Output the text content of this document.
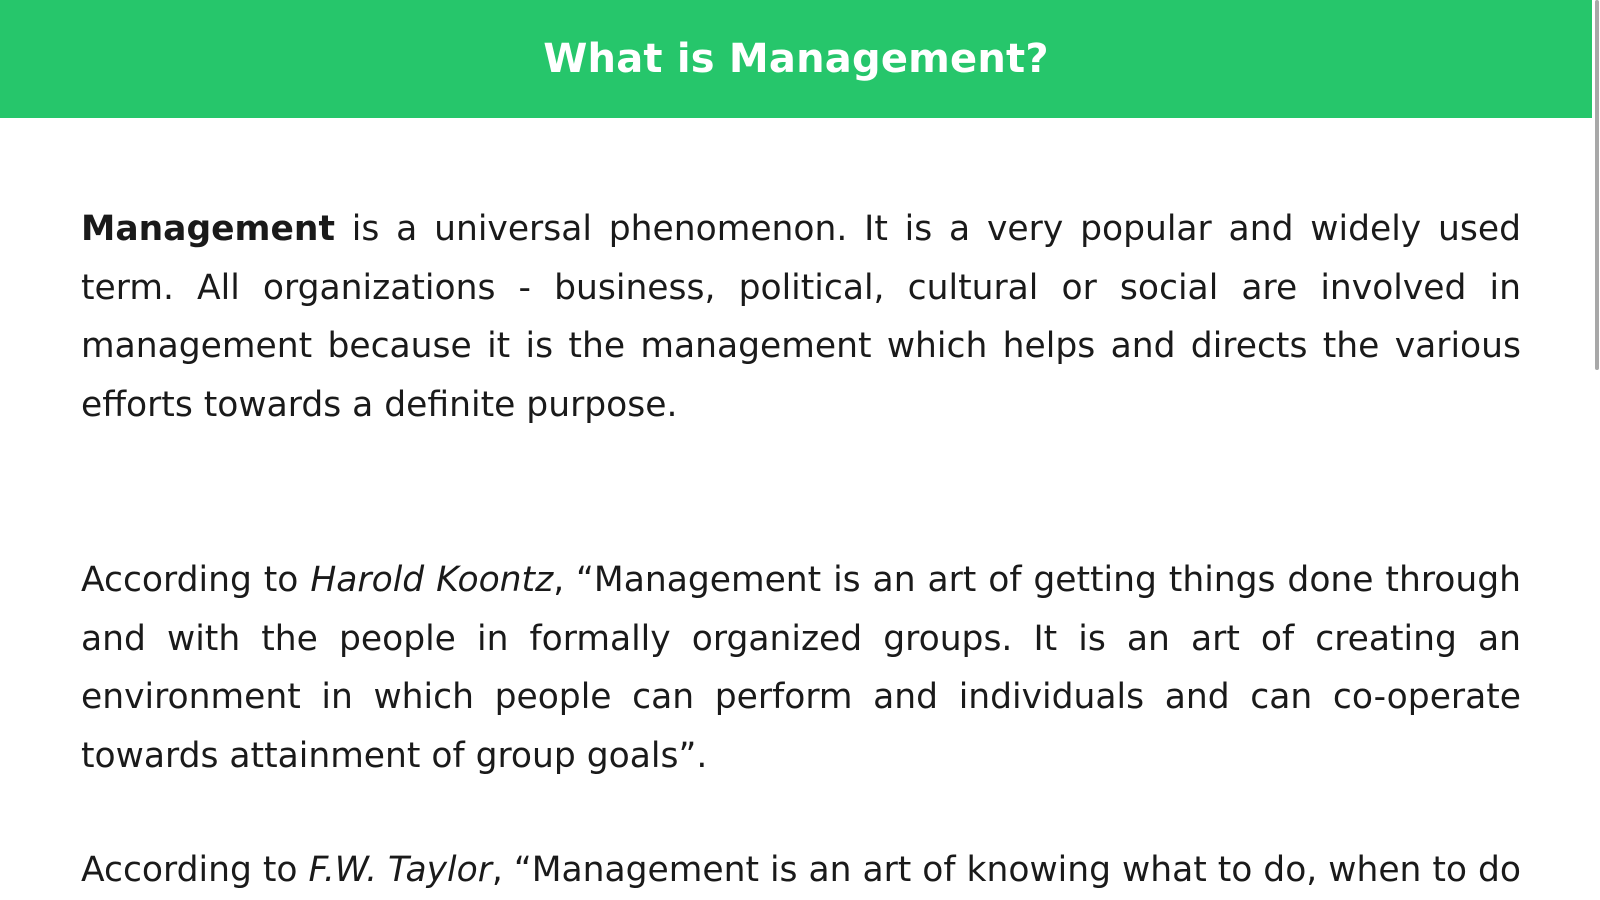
What is Management?

Management is a universal phenomenon. It is a very popular and widely used term. All organizations - business, political, cultural or social are involved in management because it is the management which helps and directs the various efforts towards a definite purpose.

According to Harold Koontz, “Management is an art of getting things done through and with the people in formally organized groups. It is an art of creating an environment in which people can perform and individuals and can co-operate towards attainment of group goals”.

According to F.W. Taylor, “Management is an art of knowing what to do, when to do
